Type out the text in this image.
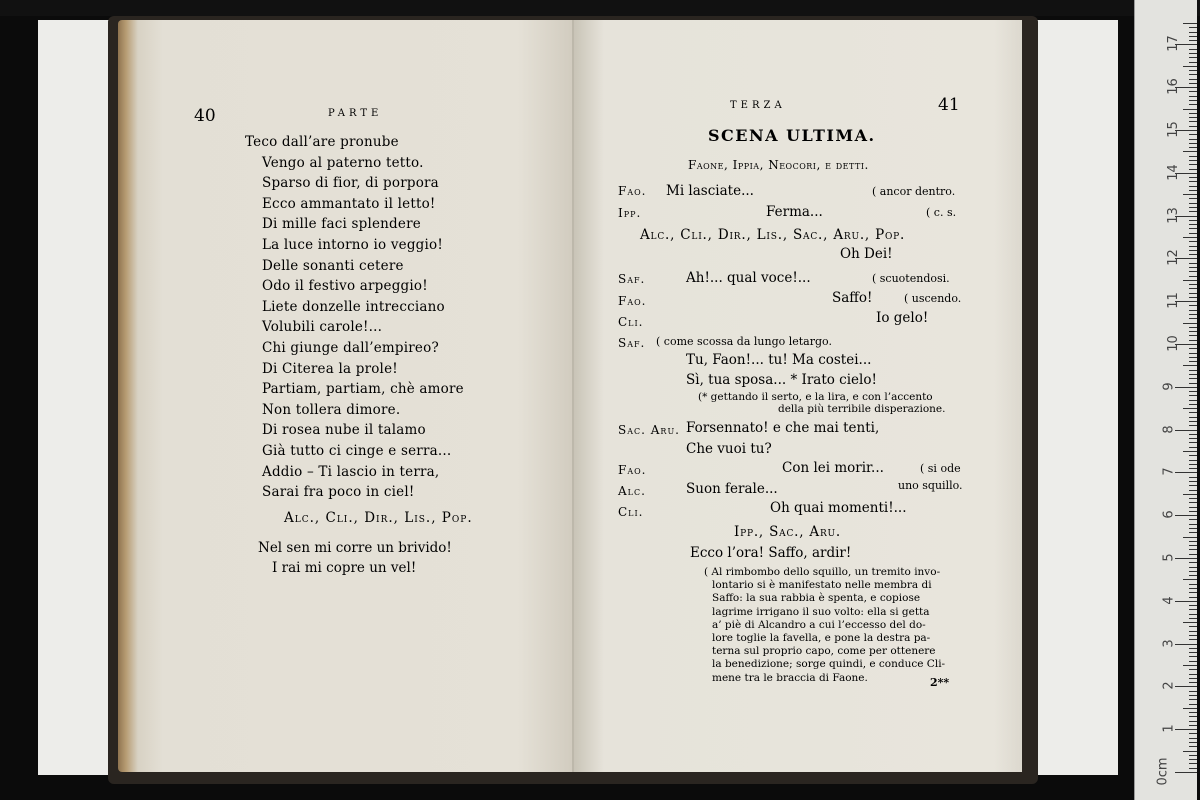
40	PARTE
Teco dall’are pronube
Vengo al paterno tetto.
Sparso di fior, di porpora
Ecco ammantato il letto!
Di mille faci splendere
La luce intorno io veggio!
Delle sonanti cetere
Odo il festivo arpeggio!
Liete donzelle intrecciano
Volubili carole!...
Chi giunge dall’empireo?
Di Citerea la prole!
Partiam, partiam, chè amore
Non tollera dimore.
Di rosea nube il talamo
Già tutto ci cinge e serra...
Addio – Ti lascio in terra,
Sarai fra poco in ciel!
Alc., Cli., Dir., Lis., Pop.
Nel sen mi corre un brivido!
I rai mi copre un vel!
TERZA	41
SCENA ULTIMA.
Faone, Ippia, Neocori, e detti.
Fao. Mi lasciate...	( ancor dentro.
Ipp.	Ferma...	( c. s.
Alc., Cli., Dir., Lis., Sac., Aru., Pop.
Oh Dei!
Saf.	Ah!... qual voce!...	( scuotendosi.
Fao.	Saffo!	( uscendo.
Cli.	Io gelo!
Saf. ( come scossa da lungo letargo.
Tu, Faon!... tu! Ma costei...
Sì, tua sposa... * Irato cielo!
(* gettando il serto, e la lira, e con l’accento
della più terribile disperazione.
Sac. Aru. Forsennato! e che mai tenti,
Che vuoi tu?
Fao.	Con lei morir...	( si ode
Alc.	Suon ferale...	uno squillo.
Cli.	Oh quai momenti!...
Ipp., Sac., Aru.
Ecco l’ora! Saffo, ardir!
( Al rimbombo dello squillo, un tremito invo-
lontario si è manifestato nelle membra di
Saffo: la sua rabbia è spenta, e copiose
lagrime irrigano il suo volto: ella si getta
a’ piè di Alcandro a cui l’eccesso del do-
lore toglie la favella, e pone la destra pa-
terna sul proprio capo, come per ottenere
la benedizione; sorge quindi, e conduce Cli-
mene tra le braccia di Faone.	2**
0cm
1
2
3
4
5
6
7
8
9
10
11
12
13
14
15
16
17
